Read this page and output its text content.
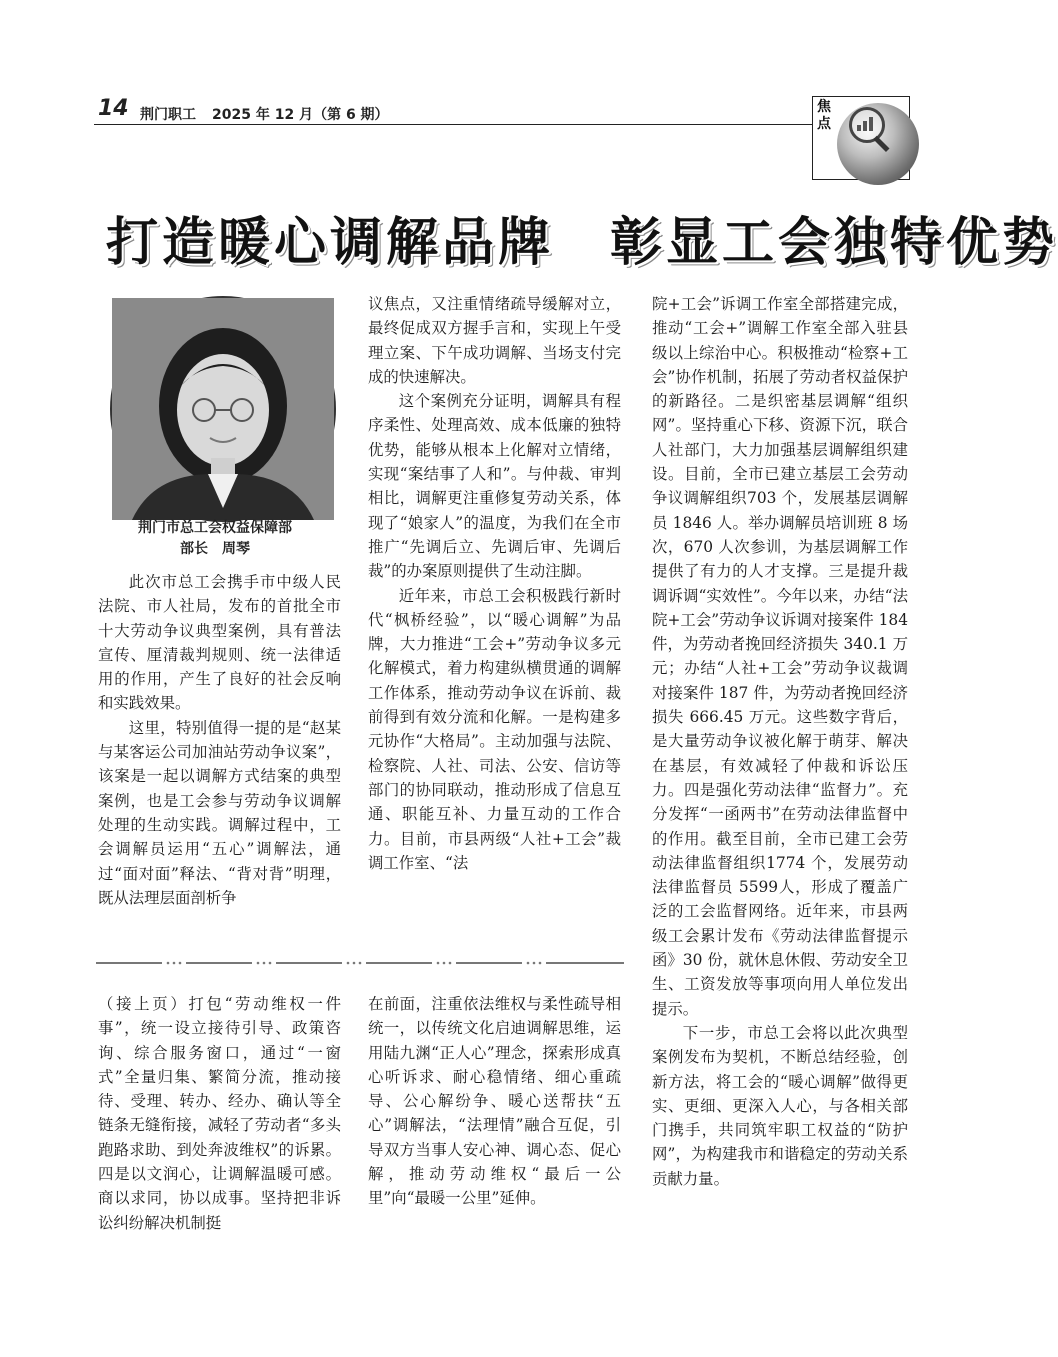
14 荆门职工 2025 年 12 月（第 6 期）	焦点
打造暖心调解品牌　彰显工会独特优势
荆门市总工会权益保障部
部长　周琴

此次市总工会携手市中级人民法院、市人社局，发布的首批全市十大劳动争议典型案例，具有普法宣传、厘清裁判规则、统一法律适用的作用，产生了良好的社会反响和实践效果。

这里，特别值得一提的是“赵某与某客运公司加油站劳动争议案”，该案是一起以调解方式结案的典型案例，也是工会参与劳动争议调解处理的生动实践。调解过程中，工会调解员运用“五心”调解法，通过“面对面”释法、“背对背”明理，既从法理层面剖析争

议焦点，又注重情绪疏导缓解对立，最终促成双方握手言和，实现上午受理立案、下午成功调解、当场支付完成的快速解决。

这个案例充分证明，调解具有程序柔性、处理高效、成本低廉的独特优势，能够从根本上化解对立情绪，实现“案结事了人和”。与仲裁、审判相比，调解更注重修复劳动关系，体现了“娘家人”的温度，为我们在全市推广“先调后立、先调后审、先调后裁”的办案原则提供了生动注脚。

近年来，市总工会积极践行新时代“枫桥经验”，以“暖心调解”为品牌，大力推进“工会+”劳动争议多元化解模式，着力构建纵横贯通的调解工作体系，推动劳动争议在诉前、裁前得到有效分流和化解。一是构建多元协作“大格局”。主动加强与法院、检察院、人社、司法、公安、信访等部门的协同联动，推动形成了信息互通、职能互补、力量互动的工作合力。目前，市县两级“人社+工会”裁调工作室、“法

院+工会”诉调工作室全部搭建完成，推动“工会+”调解工作室全部入驻县级以上综治中心。积极推动“检察+工会”协作机制，拓展了劳动者权益保护的新路径。二是织密基层调解“组织网”。坚持重心下移、资源下沉，联合人社部门，大力加强基层调解组织建设。目前，全市已建立基层工会劳动争议调解组织703 个，发展基层调解员 1846 人。举办调解员培训班 8 场次，670 人次参训，为基层调解工作提供了有力的人才支撑。三是提升裁调诉调“实效性”。今年以来，办结“法院+工会”劳动争议诉调对接案件 184 件，为劳动者挽回经济损失 340.1 万元；办结“人社+工会”劳动争议裁调对接案件 187 件，为劳动者挽回经济损失 666.45 万元。这些数字背后，是大量劳动争议被化解于萌芽、解决在基层，有效减轻了仲裁和诉讼压力。四是强化劳动法律“监督力”。充分发挥“一函两书”在劳动法律监督中的作用。截至目前，全市已建工会劳动法律监督组织1774 个，发展劳动法律监督员 5599人，形成了覆盖广泛的工会监督网络。近年来，市县两级工会累计发布《劳动法律监督提示函》30 份，就休息休假、劳动安全卫生、工资发放等事项向用人单位发出提示。

下一步，市总工会将以此次典型案例发布为契机，不断总结经验，创新方法，将工会的“暖心调解”做得更实、更细、更深入人心，与各相关部门携手，共同筑牢职工权益的“防护网”，为构建我市和谐稳定的劳动关系贡献力量。

（接上页）打包“劳动维权一件事”，统一设立接待引导、政策咨询、综合服务窗口，通过“一窗式”全量归集、繁简分流，推动接待、受理、转办、经办、确认等全链条无缝衔接，减轻了劳动者“多头跑路求助、到处奔波维权”的诉累。四是以文润心，让调解温暖可感。商以求同，协以成事。坚持把非诉讼纠纷解决机制挺

在前面，注重依法维权与柔性疏导相统一，以传统文化启迪调解思维，运用陆九渊“正人心”理念，探索形成真心听诉求、耐心稳情绪、细心重疏导、公心解纷争、暖心送帮扶“五心”调解法，“法理情”融合互促，引导双方当事人安心神、调心态、促心解，推动劳动维权“最后一公里”向“最暖一公里”延伸。
